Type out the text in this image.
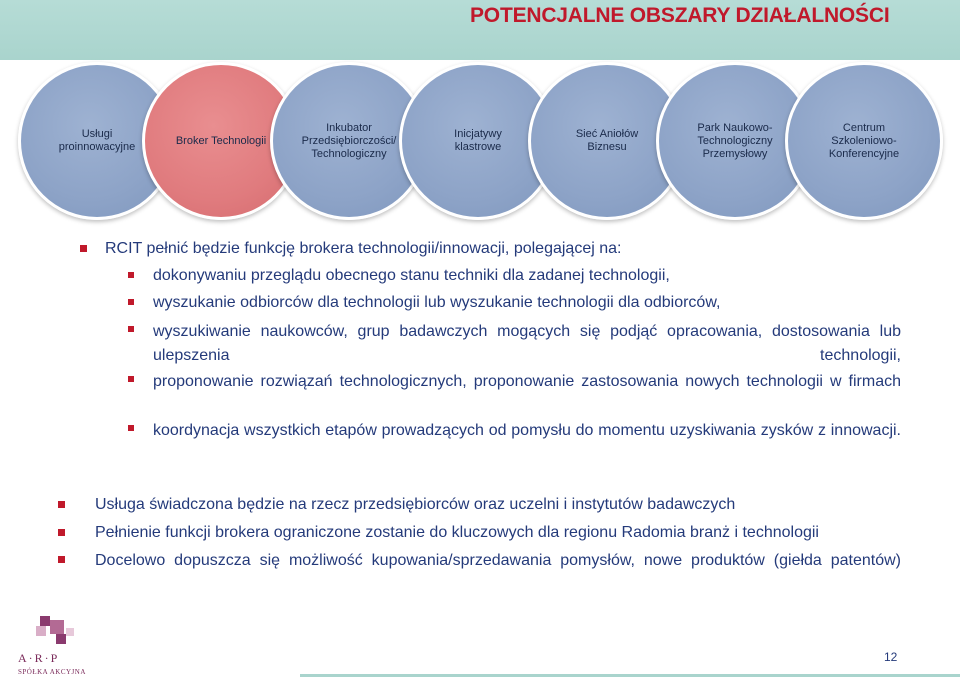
POTENCJALNE OBSZARY DZIAŁALNOŚCI
Usługi
proinnowacyjne
Broker Technologii
Inkubator
Przedsiębiorczości/
Technologiczny
Inicjatywy
klastrowe
Sieć Aniołów
Biznesu
Park Naukowo-
Technologiczny
Przemysłowy
Centrum
Szkoleniowo-
Konferencyjne
RCIT pełnić będzie funkcję brokera technologii/innowacji, polegającej na:
dokonywaniu przeglądu obecnego stanu techniki dla zadanej technologii,
wyszukanie odbiorców dla technologii lub wyszukanie technologii dla odbiorców,
wyszukiwanie naukowców, grup badawczych mogących się podjąć opracowania, dostosowania lub ulepszenia technologii,
proponowanie rozwiązań technologicznych, proponowanie zastosowania nowych technologii w firmach
koordynacja wszystkich etapów prowadzących od pomysłu do momentu uzyskiwania zysków z innowacji.
Usługa świadczona będzie na rzecz przedsiębiorców oraz uczelni i instytutów badawczych
Pełnienie funkcji brokera ograniczone zostanie do kluczowych dla regionu Radomia branż i technologii
Docelowo dopuszcza się możliwość kupowania/sprzedawania pomysłów, nowe produktów (giełda patentów)
A·R·P
SPÓŁKA AKCYJNA
12
